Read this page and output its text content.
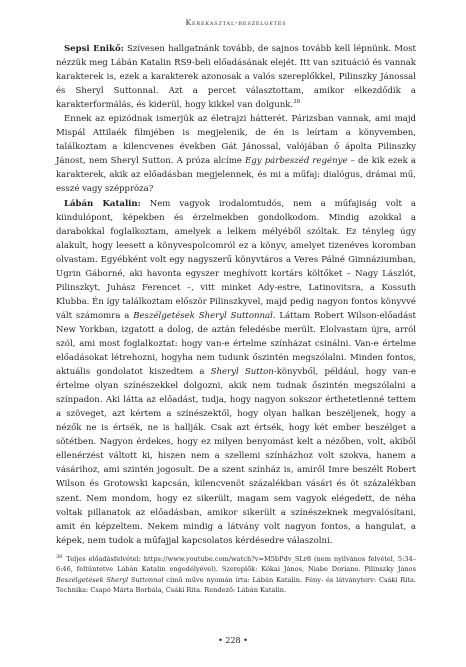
Kerekasztal-beszélgetés

Sepsi Enikő: Szívesen hallgatnánk tovább, de sajnos tovább kell lépnünk. Most nézzük meg Lábán Katalin RS9-beli előadásának elejét. Itt van szituáció és vannak karakterek is, ezek a karakterek azonosak a valós szereplőkkel, Pilinszky Jánossal és Sheryl Suttonnal. Azt a percet választottam, amikor elkezdődik a karakterformálás, és kiderül, hogy kikkel van dolgunk.$^{38}$

Ennek az epizódnak ismerjük az életrajzi hátterét. Párizsban vannak, ami majd Mispál Attilaék filmjében is megjelenik, de én is leírtam a könyvemben, találkoztam a kilencvenes években Gát Jánossal, valójában ő ápolta Pilinszky Jánost, nem Sheryl Sutton. A próza alcíme Egy párbeszéd regénye – de kik ezek a karakterek, akik az előadásban megjelennek, és mi a műfaj: dialógus, drámai mű, esszé vagy széppróza?

Lábán Katalin: Nem vagyok irodalomtudós, nem a műfajiság volt a kiindulópont, képekben és érzelmekben gondolkodom. Mindig azokkal a darabokkal foglalkoztam, amelyek a lelkem mélyéből szóltak. Ez tényleg úgy alakult, hogy leesett a könyvespolcomról ez a könyv, amelyet tizenéves koromban olvastam. Egyébként volt egy nagyszerű könyvtáros a Veres Pálné Gimnáziumban, Ugrin Gáborné, aki havonta egyszer meghívott kortárs költőket – Nagy Lászlót, Pilinszkyt, Juhász Ferencet –, vitt minket Ady-estre, Latinovitsra, a Kossuth Klubba. Én így találkoztam először Pilinszkyvel, majd pedig nagyon fontos könyvvé vált számomra a Beszélgetések Sheryl Suttonnal. Láttam Robert Wilson-előadást New Yorkban, izgatott a dolog, de aztán feledésbe merült. Elolvastam újra, arról szól, ami most foglalkoztat: hogy van-e értelme színházat csinálni. Van-e értelme előadásokat létrehozni, hogyha nem tudunk őszintén megszólalni. Minden fontos, aktuális gondolatot kiszedtem a Sheryl Sutton-könyvből, például, hogy van-e értelme olyan színészekkel dolgozni, akik nem tudnak őszintén megszólalni a színpadon. Aki látta az előadást, tudja, hogy nagyon sokszor érthetetlenné tettem a szöveget, azt kértem a színészektől, hogy olyan halkan beszéljenek, hogy a nézők ne is értsék, ne is hallják. Csak azt értsék, hogy két ember beszélget a sötétben. Nagyon érdekes, hogy ez milyen benyomást kelt a nézőben, volt, akiből ellenérzést váltott ki, hiszen nem a szellemi színházhoz volt szokva, hanem a vásárihoz, ami szintén jogosult. De a szent színház is, amiről Imre beszélt Robert Wilson és Grotowski kapcsán, kilencvenöt százalékban vásári és öt százalékban szent. Nem mondom, hogy ez sikerült, magam sem vagyok elégedett, de néha voltak pillanatok az előadásban, amikor sikerült a színészeknek megvalósítani, amit én képzeltem. Nekem mindig a látvány volt nagyon fontos, a hangulat, a képek, nem tudok a műfajjal kapcsolatos kérdésedre válaszolni.

$^{38}$ Teljes előadásfelvétel: https://www.youtube.com/watch?v=M5bPdv_SLr8 (nem nyilvános felvétel, 5:34–6:46, feltüntetve Lábán Katalin engedélyével). Szereplők: Kókai János, Niabe Doriane. Pilinszky János Beszélgetések Sheryl Suttonnal című műve nyomán írta: Lábán Katalin. Fény- és látványterv: Csáki Rita. Technika: Csapó Márta Borbála, Csáki Rita. Rendező: Lábán Katalin.
• 228 •
